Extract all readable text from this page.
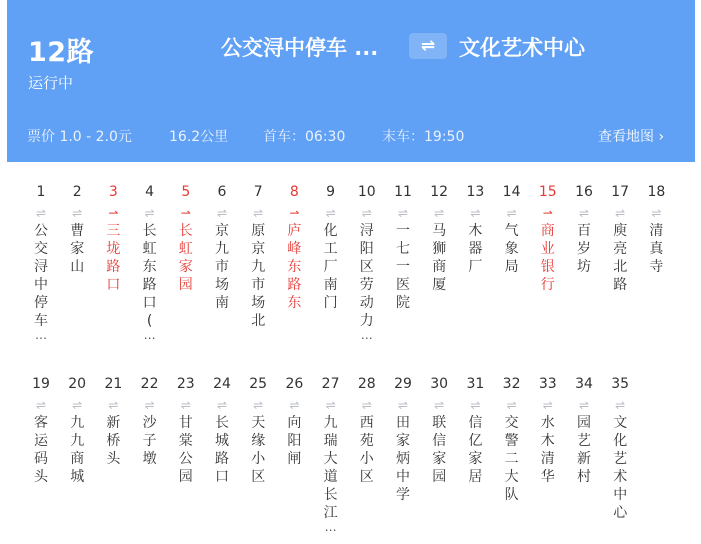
12路
运行中
公交浔中停车 ...	⇌	文化艺术中心
票价 1.0 - 2.0元	16.2公里 首车：06:30	末车：19:50	查看地图 ›
1
⇌
公交浔中停车
…
2
⇌
曹家山
3
⇀
三垅路口
4
⇌
长虹东路口(
…
5
⇀
长虹家园
6
⇌
京九市场南
7
⇌
原京九市场北
8
⇀
庐峰东路东
9
⇌
化工厂南门
10
⇌
浔阳区劳动力
…
11
⇌
一七一医院
12
⇌
马狮商厦
13
⇌
木器厂
14
⇌
气象局
15
⇀
商业银行
16
⇌
百岁坊
17
⇌
庾亮北路
18
⇌
清真寺
19
⇌
客运码头
20
⇌
九九商城
21
⇌
新桥头
22
⇌
沙子墩
23
⇌
甘棠公园
24
⇌
长城路口
25
⇌
天缘小区
26
⇌
向阳闸
27
⇌
九瑞大道长江
…
28
⇌
西苑小区
29
⇌
田家炳中学
30
⇌
联信家园
31
⇌
信亿家居
32
⇌
交警二大队
33
⇌
水木清华
34
⇌
园艺新村
35
⇌
文化艺术中心
